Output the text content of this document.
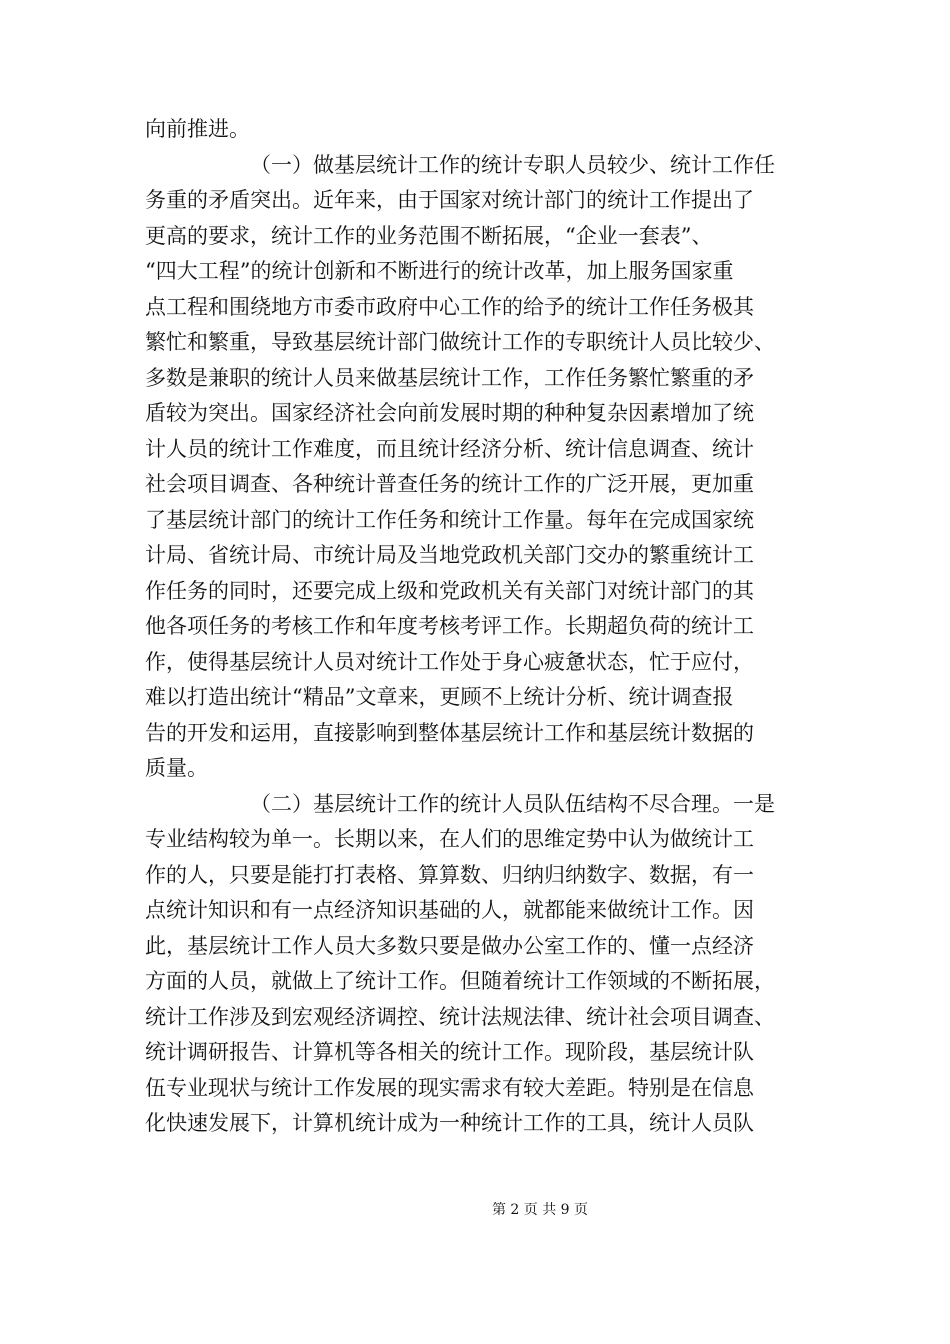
向前推进。
（一）做基层统计工作的统计专职人员较少、统计工作任
务重的矛盾突出。近年来，由于国家对统计部门的统计工作提出了
更高的要求，统计工作的业务范围不断拓展，“企业一套表”、
“四大工程”的统计创新和不断进行的统计改革，加上服务国家重
点工程和围绕地方市委市政府中心工作的给予的统计工作任务极其
繁忙和繁重，导致基层统计部门做统计工作的专职统计人员比较少、
多数是兼职的统计人员来做基层统计工作，工作任务繁忙繁重的矛
盾较为突出。国家经济社会向前发展时期的种种复杂因素增加了统
计人员的统计工作难度，而且统计经济分析、统计信息调查、统计
社会项目调查、各种统计普查任务的统计工作的广泛开展，更加重
了基层统计部门的统计工作任务和统计工作量。每年在完成国家统
计局、省统计局、市统计局及当地党政机关部门交办的繁重统计工
作任务的同时，还要完成上级和党政机关有关部门对统计部门的其
他各项任务的考核工作和年度考核考评工作。长期超负荷的统计工
作，使得基层统计人员对统计工作处于身心疲惫状态，忙于应付，
难以打造出统计“精品”文章来，更顾不上统计分析、统计调查报
告的开发和运用，直接影响到整体基层统计工作和基层统计数据的
质量。
（二）基层统计工作的统计人员队伍结构不尽合理。一是
专业结构较为单一。长期以来，在人们的思维定势中认为做统计工
作的人，只要是能打打表格、算算数、归纳归纳数字、数据，有一
点统计知识和有一点经济知识基础的人，就都能来做统计工作。因
此，基层统计工作人员大多数只要是做办公室工作的、懂一点经济
方面的人员，就做上了统计工作。但随着统计工作领域的不断拓展，
统计工作涉及到宏观经济调控、统计法规法律、统计社会项目调查、
统计调研报告、计算机等各相关的统计工作。现阶段，基层统计队
伍专业现状与统计工作发展的现实需求有较大差距。特别是在信息
化快速发展下，计算机统计成为一种统计工作的工具，统计人员队
第 2 页 共 9 页
